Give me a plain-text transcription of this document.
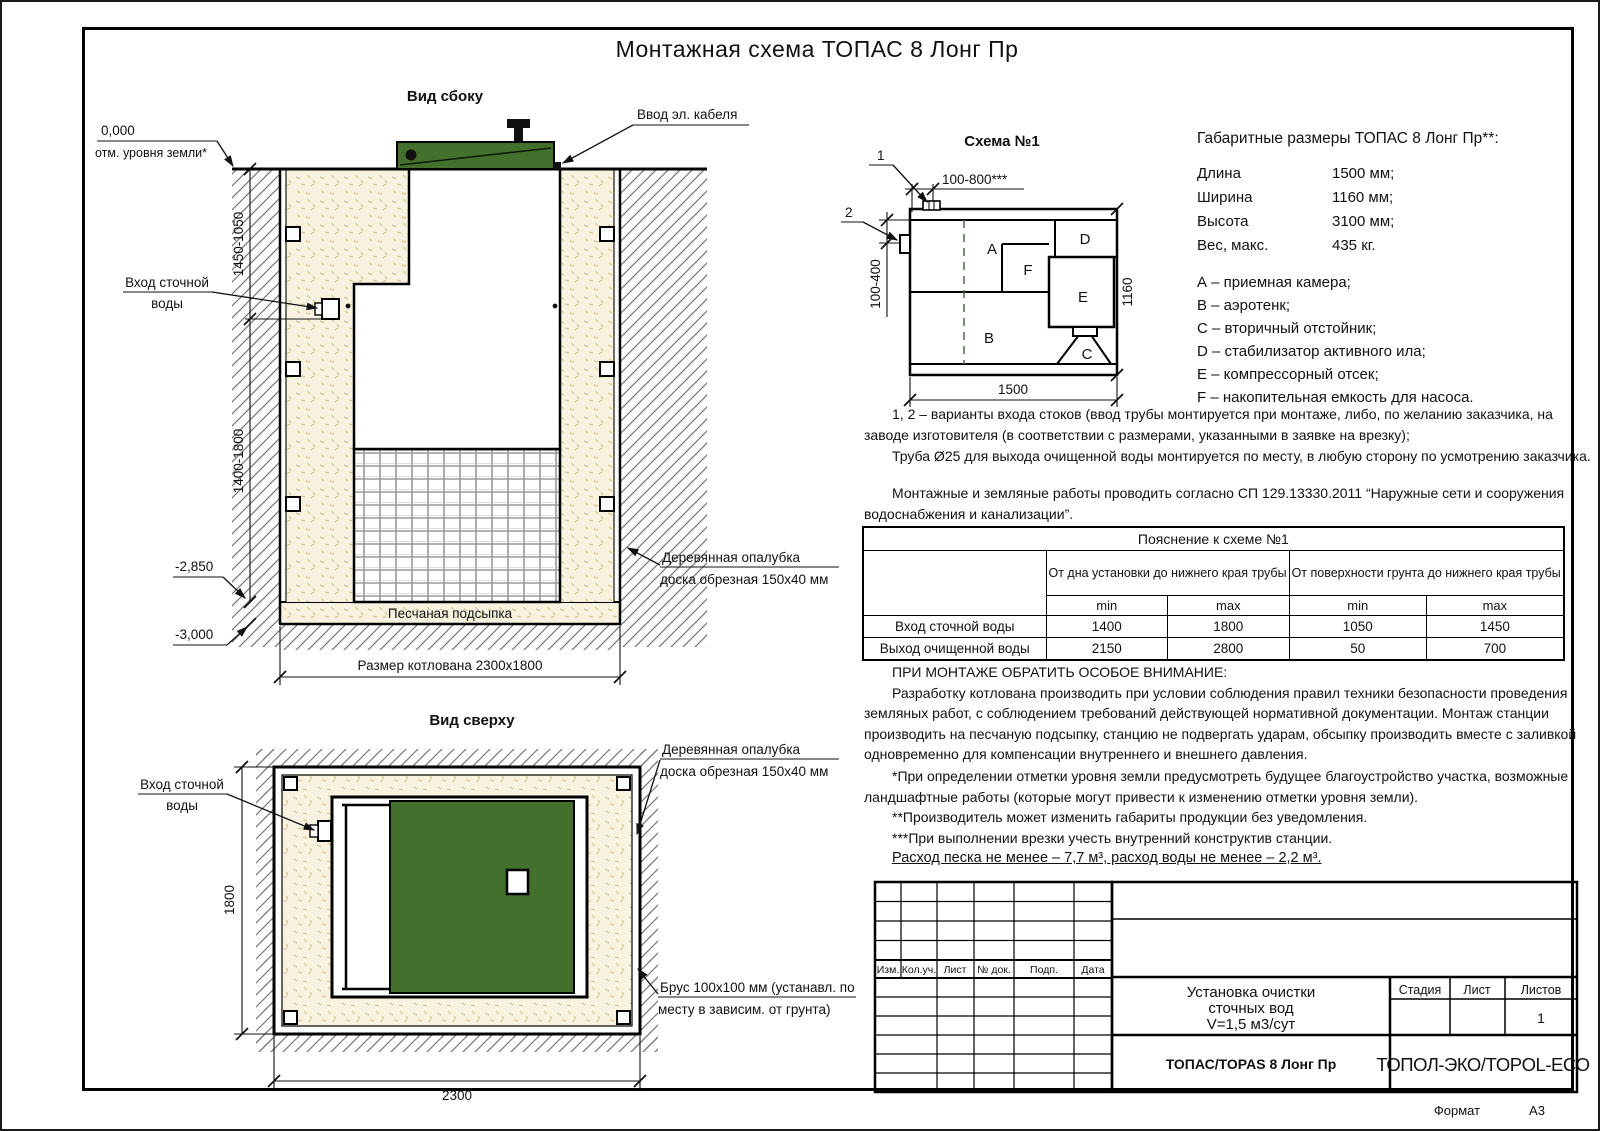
Монтажная схема ТОПАС 8 Лонг Пр
Вид сбоку
Ввод эл. кабеля
0,000
отм. уровня земли*
1450-1050
1400-1800
-2,850
-3,000
Песчаная подсыпка
Размер котлована 2300x1800
Деревянная опалубка
доска обрезная 150x40 мм
Вход сточной
воды
Схема №1
A
B
C
D
E
F
1
100-800***
2
100-400	1160
1500
Вид сверху
Вход сточной
воды
1800
2300
Деревянная опалубка
доска обрезная 150x40 мм
Брус 100x100 мм (устанавл. по
месту в зависим. от грунта)
Габаритные размеры ТОПАС 8 Лонг Пр**:
Длина	1500 мм;
Ширина	1160 мм;
Высота	3100 мм;
Вес, макс.	435 кг.
А – приемная камера;
В – аэротенк;
С – вторичный отстойник;
D – стабилизатор активного ила;
E – компрессорный отсек;
F – накопительная емкость для насоса.
1, 2 – варианты входа стоков (ввод трубы монтируется при монтаже, либо, по желанию заказчика, на
заводе изготовителя (в соответствии с размерами, указанными в заявке на врезку);
Труба Ø25 для выхода очищенной воды монтируется по месту, в любую сторону по усмотрению заказчика.
Монтажные и земляные работы проводить согласно СП 129.13330.2011 “Наружные сети и сооружения
водоснабжения и канализации”.
Пояснение к схеме №1				
	От дна установки до нижнего края трубы		От поверхности грунта до нижнего края трубы	
	min	max	min	max
Вход сточной воды	1400	1800	1050	1450
Выход очищенной воды	2150	2800	50	700
ПРИ МОНТАЖЕ ОБРАТИТЬ ОСОБОЕ ВНИМАНИЕ:
Разработку котлована производить при условии соблюдения правил техники безопасности проведения
земляных работ, с соблюдением требований действующей нормативной документации. Монтаж станции
производить на песчаную подсыпку, станцию не подвергать ударам, обсыпку производить вместе с заливкой
одновременно для компенсации внутреннего и внешнего давления.
*При определении отметки уровня земли предусмотреть будущее благоустройство участка, возможные
ландшафтные работы (которые могут привести к изменению отметки уровня земли).
**Производитель может изменить габариты продукции без уведомления.
***При выполнении врезки учесть внутренний конструктив станции.
Расход песка не менее – 7,7 м³, расход воды не менее – 2,2 м³.
Изм. Кол.уч. Лист № док. Подп. Дата
Установка очистки
сточных вод
V=1,5 м3/сут
Стадия Лист Листов
1
ТОПАС/TOPAS 8 Лонг Пр ТОПОЛ-ЭКО/TOPOL-ECO
Формат	А3
